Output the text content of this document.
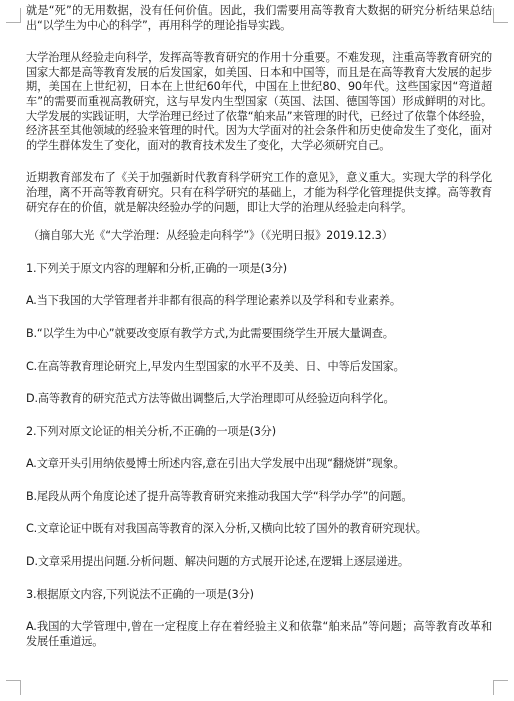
就是“死”的无用数据，没有任何价值。因此，我们需要用高等教育大数据的研究分析结果总结出“以学生为中心的科学”，再用科学的理论指导实践。

大学治理从经验走向科学，发挥高等教育研究的作用十分重要。不难发现，注重高等教育研究的国家大都是高等教育发展的后发国家，如美国、日本和中国等，而且是在高等教育大发展的起步期，美国在上世纪初，日本在上世纪60年代，中国在上世纪80、90年代。这些国家因“弯道超车”的需要而重视高教研究，这与早发内生型国家（英国、法国、德国等国）形成鲜明的对比。大学发展的实践证明，大学治理已经过了依靠“舶来品”来管理的时代，已经过了依靠个体经验，经济甚至其他领域的经验来管理的时代。因为大学面对的社会条件和历史使命发生了变化，面对的学生群体发生了变化，面对的教育技术发生了变化，大学必须研究自己。

近期教育部发布了《关于加强新时代教育科学研究工作的意见》，意义重大。实现大学的科学化治理，离不开高等教育研究。只有在科学研究的基础上，才能为科学化管理提供支撑。高等教育研究存在的价值，就是解决经验办学的问题，即让大学的治理从经验走向科学。

（摘自邬大光《“大学治理：从经验走向科学”》（《光明日报》2019.12.3）

1.下列关于原文内容的理解和分析,正确的一项是(3分)

A.当下我国的大学管理者并非都有很高的科学理论素养以及学科和专业素养。

B.“以学生为中心”就要改变原有教学方式,为此需要围绕学生开展大量调查。

C.在高等教育理论研究上,早发内生型国家的水平不及美、日、中等后发国家。

D.高等教育的研究范式方法等做出调整后,大学治理即可从经验迈向科学化。

2.下列对原文论证的相关分析,不正确的一项是(3分)

A.文章开头引用纳依曼博士所述内容,意在引出大学发展中出现“翻烧饼”现象。

B.尾段从两个角度论述了提升高等教育研究来推动我国大学“科学办学”的问题。

C.文章论证中既有对我国高等教育的深入分析,又横向比较了国外的教育研究现状。

D.文章采用提出问题.分析问题、解决问题的方式展开论述,在逻辑上逐层递进。

3.根据原文内容,下列说法不正确的一项是(3分)

A.我国的大学管理中,曾在一定程度上存在着经验主义和依靠“舶来品”等问题；高等教育改革和发展任重道远。
